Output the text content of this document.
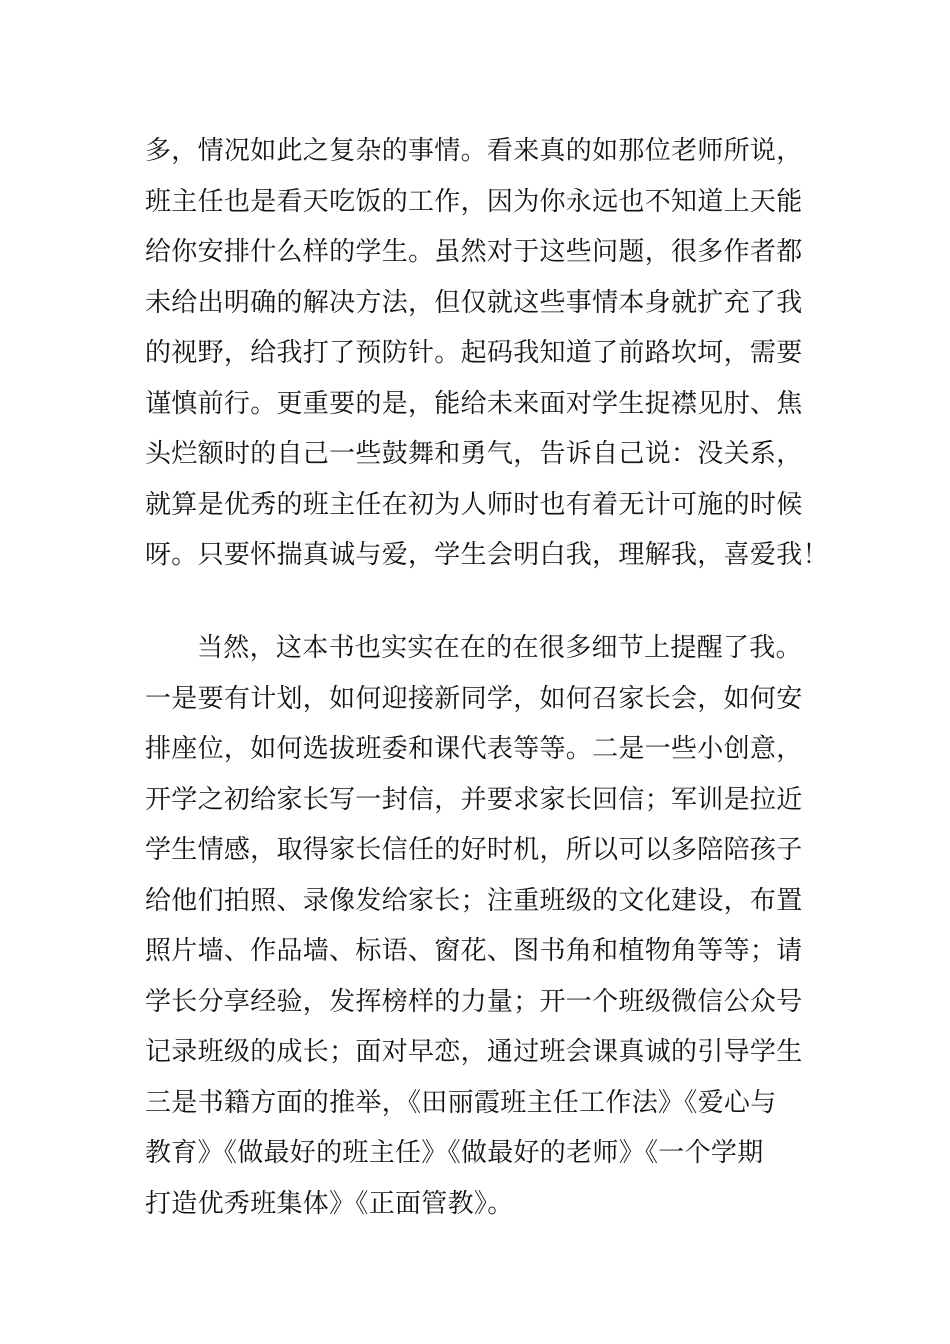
多，情况如此之复杂的事情。看来真的如那位老师所说，
班主任也是看天吃饭的工作，因为你永远也不知道上天能
给你安排什么样的学生。虽然对于这些问题，很多作者都
未给出明确的解决方法，但仅就这些事情本身就扩充了我
的视野，给我打了预防针。起码我知道了前路坎坷，需要
谨慎前行。更重要的是，能给未来面对学生捉襟见肘、焦
头烂额时的自己一些鼓舞和勇气，告诉自己说：没关系，
就算是优秀的班主任在初为人师时也有着无计可施的时候
呀。只要怀揣真诚与爱，学生会明白我，理解我，喜爱我！
当然，这本书也实实在在的在很多细节上提醒了我。
一是要有计划，如何迎接新同学，如何召家长会，如何安
排座位，如何选拔班委和课代表等等。二是一些小创意，
开学之初给家长写一封信，并要求家长回信；军训是拉近
学生情感，取得家长信任的好时机，所以可以多陪陪孩子
给他们拍照、录像发给家长；注重班级的文化建设，布置
照片墙、作品墙、标语、窗花、图书角和植物角等等；请
学长分享经验，发挥榜样的力量；开一个班级微信公众号
记录班级的成长；面对早恋，通过班会课真诚的引导学生
三是书籍方面的推举，《田丽霞班主任工作法》《爱心与
教育》《做最好的班主任》《做最好的老师》《一个学期
打造优秀班集体》《正面管教》。
